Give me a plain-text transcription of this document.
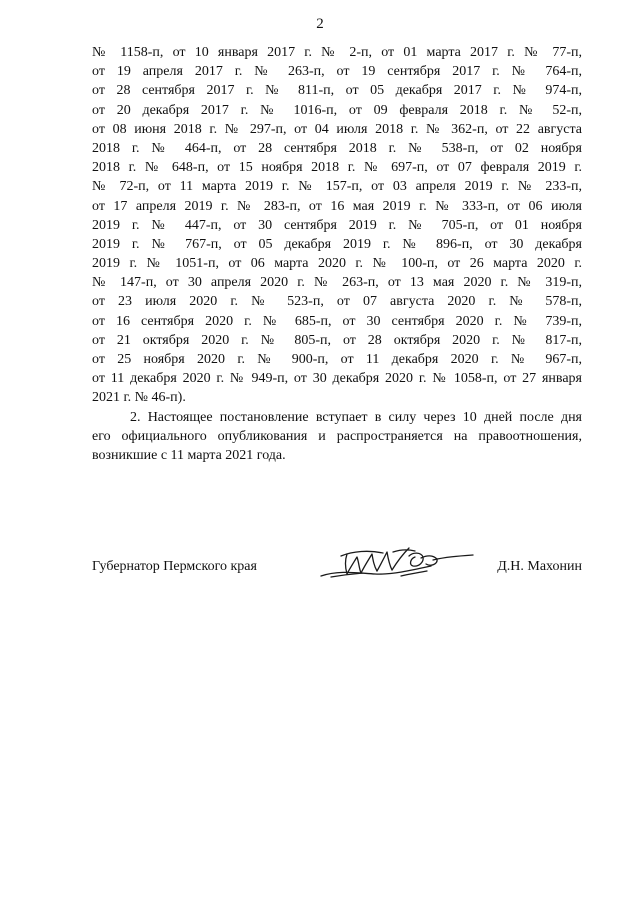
2
№ 1158-п, от 10 января 2017 г. № 2-п, от 01 марта 2017 г. № 77-п,
от 19 апреля 2017 г. № 263-п, от 19 сентября 2017 г. № 764-п,
от 28 сентября 2017 г. № 811-п, от 05 декабря 2017 г. № 974-п,
от 20 декабря 2017 г. № 1016-п, от 09 февраля 2018 г. № 52-п,
от 08 июня 2018 г. № 297-п, от 04 июля 2018 г. № 362-п, от 22 августа
2018 г. № 464-п, от 28 сентября 2018 г. № 538-п, от 02 ноября
2018 г. № 648-п, от 15 ноября 2018 г. № 697-п, от 07 февраля 2019 г.
№ 72-п, от 11 марта 2019 г. № 157-п, от 03 апреля 2019 г. № 233-п,
от 17 апреля 2019 г. № 283-п, от 16 мая 2019 г. № 333-п, от 06 июля
2019 г. № 447-п, от 30 сентября 2019 г. № 705-п, от 01 ноября
2019 г. № 767-п, от 05 декабря 2019 г. № 896-п, от 30 декабря
2019 г. № 1051-п, от 06 марта 2020 г. № 100-п, от 26 марта 2020 г.
№ 147-п, от 30 апреля 2020 г. № 263-п, от 13 мая 2020 г. № 319-п,
от 23 июля 2020 г. № 523-п, от 07 августа 2020 г. № 578-п,
от 16 сентября 2020 г. № 685-п, от 30 сентября 2020 г. № 739-п,
от 21 октября 2020 г. № 805-п, от 28 октября 2020 г. № 817-п,
от 25 ноября 2020 г. № 900-п, от 11 декабря 2020 г. № 967-п,
от 11 декабря 2020 г. № 949-п, от 30 декабря 2020 г. № 1058-п, от 27 января
2021 г. № 46-п).
2. Настоящее постановление вступает в силу через 10 дней после дня
его официального опубликования и распространяется на правоотношения,
возникшие с 11 марта 2021 года.
Губернатор Пермского края	Д.Н. Махонин
